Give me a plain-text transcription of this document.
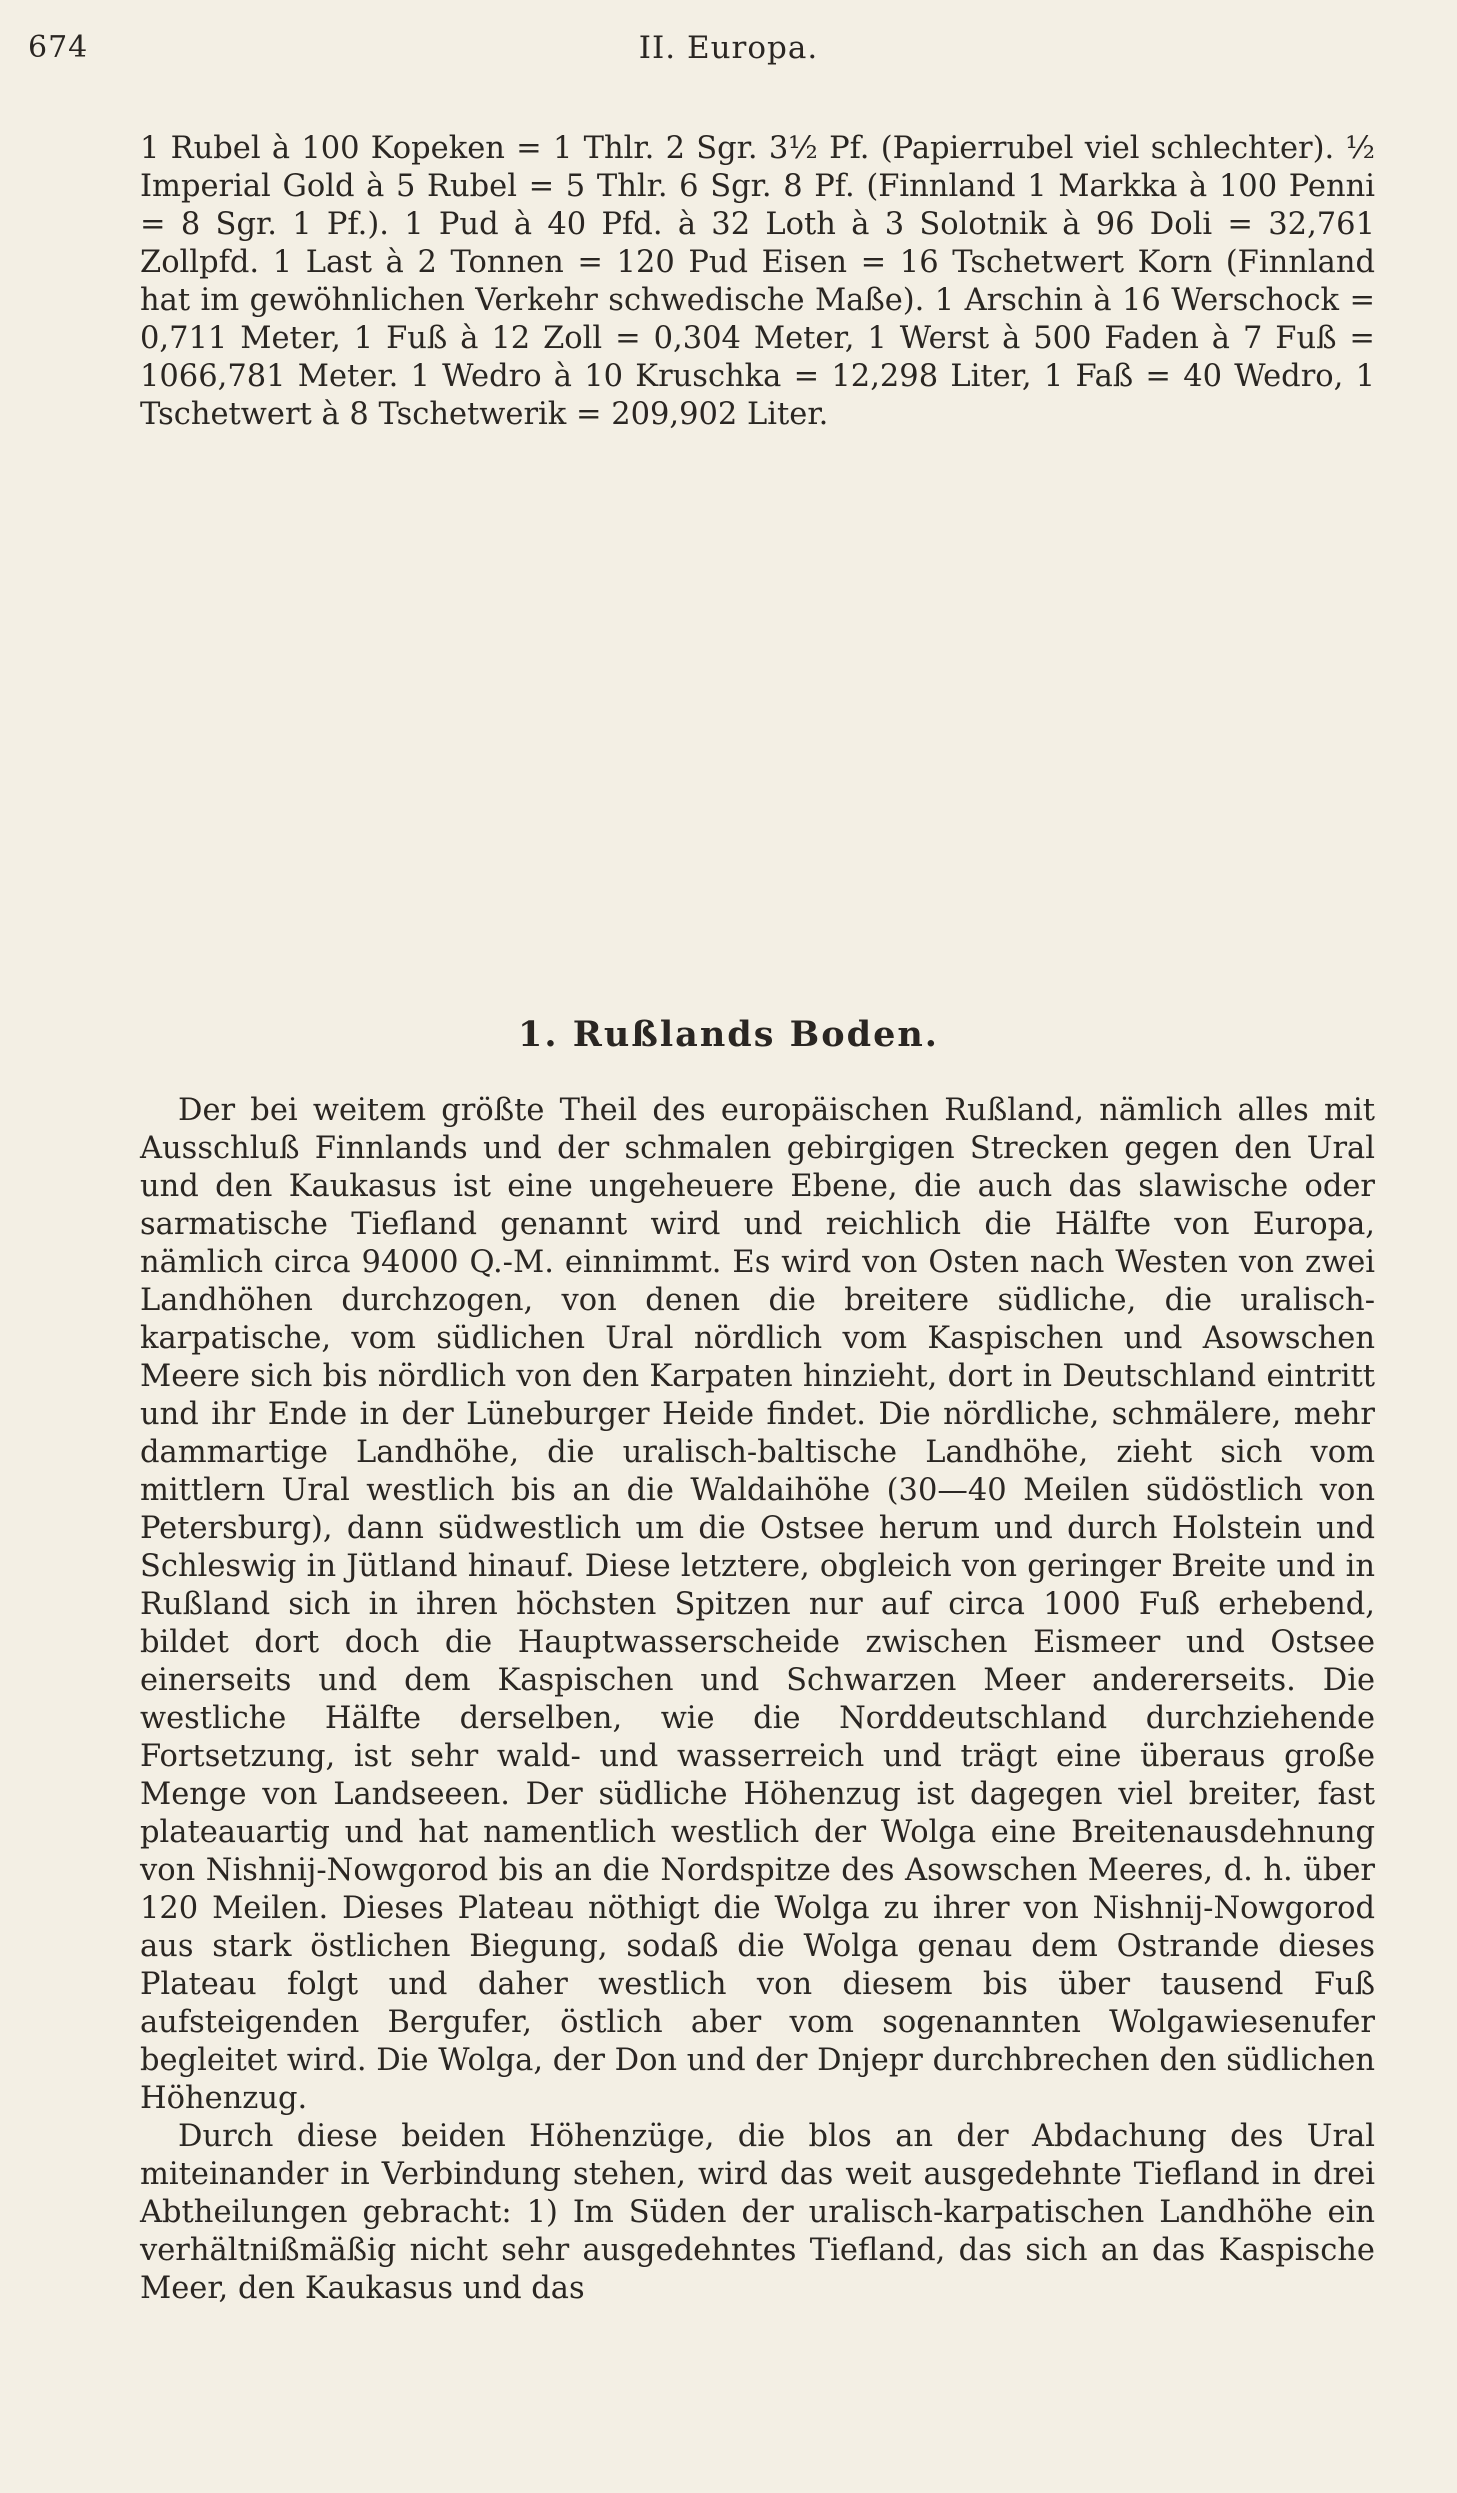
674	II. Europa.

1 Rubel à 100 Kopeken = 1 Thlr. 2 Sgr. 3½ Pf. (Papierrubel viel schlechter). ½ Imperial Gold à 5 Rubel = 5 Thlr. 6 Sgr. 8 Pf. (Finnland 1 Markka à 100 Penni = 8 Sgr. 1 Pf.). 1 Pud à 40 Pfd. à 32 Loth à 3 Solotnik à 96 Doli = 32,761 Zollpfd. 1 Last à 2 Tonnen = 120 Pud Eisen = 16 Tschetwert Korn (Finnland hat im gewöhnlichen Verkehr schwedische Maße). 1 Arschin à 16 Werschock = 0,711 Meter, 1 Fuß à 12 Zoll = 0,304 Meter, 1 Werst à 500 Faden à 7 Fuß = 1066,781 Meter. 1 Wedro à 10 Kruschka = 12,298 Liter, 1 Faß = 40 Wedro, 1 Tschetwert à 8 Tschetwerik = 209,902 Liter.

1. Rußlands Boden.

Der bei weitem größte Theil des europäischen Rußland, nämlich alles mit Ausschluß Finnlands und der schmalen gebirgigen Strecken gegen den Ural und den Kaukasus ist eine ungeheuere Ebene, die auch das slawische oder sarmatische Tiefland genannt wird und reichlich die Hälfte von Europa, nämlich circa 94000 Q.-M. einnimmt. Es wird von Osten nach Westen von zwei Landhöhen durchzogen, von denen die breitere südliche, die uralisch-karpatische, vom südlichen Ural nördlich vom Kaspischen und Asowschen Meere sich bis nördlich von den Karpaten hinzieht, dort in Deutschland eintritt und ihr Ende in der Lüneburger Heide findet. Die nördliche, schmälere, mehr dammartige Landhöhe, die uralisch-baltische Landhöhe, zieht sich vom mittlern Ural westlich bis an die Waldaihöhe (30—40 Meilen südöstlich von Petersburg), dann südwestlich um die Ostsee herum und durch Holstein und Schleswig in Jütland hinauf. Diese letztere, obgleich von geringer Breite und in Rußland sich in ihren höchsten Spitzen nur auf circa 1000 Fuß erhebend, bildet dort doch die Hauptwasserscheide zwischen Eismeer und Ostsee einerseits und dem Kaspischen und Schwarzen Meer andererseits. Die westliche Hälfte derselben, wie die Norddeutschland durchziehende Fortsetzung, ist sehr wald- und wasserreich und trägt eine überaus große Menge von Landseeen. Der südliche Höhenzug ist dagegen viel breiter, fast plateauartig und hat namentlich westlich der Wolga eine Breitenausdehnung von Nishnij-Nowgorod bis an die Nordspitze des Asowschen Meeres, d. h. über 120 Meilen. Dieses Plateau nöthigt die Wolga zu ihrer von Nishnij-Nowgorod aus stark östlichen Biegung, sodaß die Wolga genau dem Ostrande dieses Plateau folgt und daher westlich von diesem bis über tausend Fuß aufsteigenden Bergufer, östlich aber vom sogenannten Wolgawiesenufer begleitet wird. Die Wolga, der Don und der Dnjepr durchbrechen den südlichen Höhenzug.

Durch diese beiden Höhenzüge, die blos an der Abdachung des Ural miteinander in Verbindung stehen, wird das weit ausgedehnte Tiefland in drei Abtheilungen gebracht: 1) Im Süden der uralisch-karpatischen Landhöhe ein verhältnißmäßig nicht sehr ausgedehntes Tiefland, das sich an das Kaspische Meer, den Kaukasus und das
